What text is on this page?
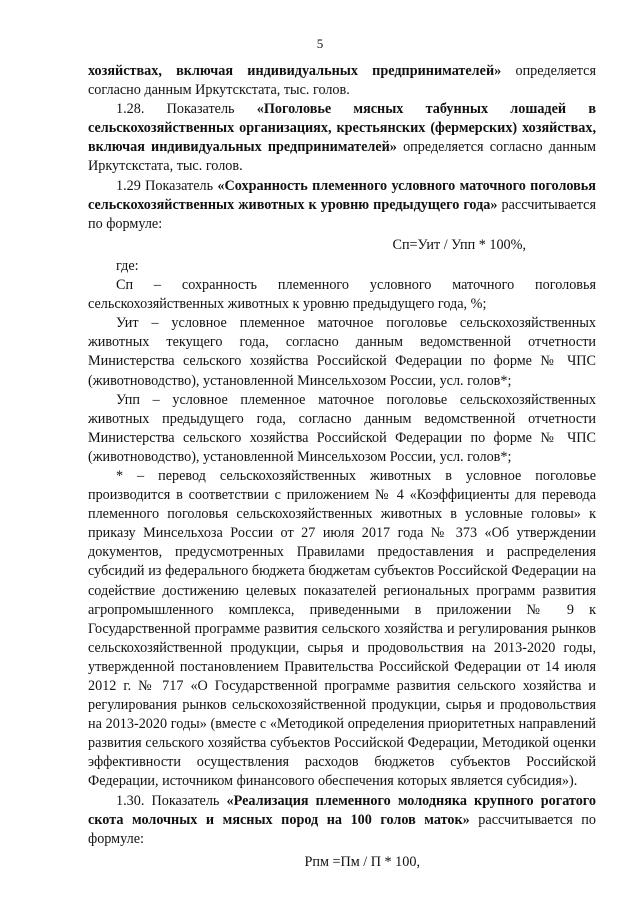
5

хозяйствах, включая индивидуальных предпринимателей» определяется согласно данным Иркутскстата, тыс. голов.

1.28. Показатель «Поголовье мясных табунных лошадей в сельскохозяйственных организациях, крестьянских (фермерских) хозяйствах, включая индивидуальных предпринимателей» определяется согласно данным Иркутскстата, тыс. голов.

1.29 Показатель «Сохранность племенного условного маточного поголовья сельскохозяйственных животных к уровню предыдущего года» рассчитывается по формуле:

Сп=Уит / Упп * 100%,

где:

Сп – сохранность племенного условного маточного поголовья сельскохозяйственных животных к уровню предыдущего года, %;

Уит – условное племенное маточное поголовье сельскохозяйственных животных текущего года, согласно данным ведомственной отчетности Министерства сельского хозяйства Российской Федерации по форме № ЧПС (животноводство), установленной Минсельхозом России, усл. голов*;

Упп – условное племенное маточное поголовье сельскохозяйственных животных предыдущего года, согласно данным ведомственной отчетности Министерства сельского хозяйства Российской Федерации по форме № ЧПС (животноводство), установленной Минсельхозом России, усл. голов*;

* – перевод сельскохозяйственных животных в условное поголовье производится в соответствии с приложением № 4 «Коэффициенты для перевода племенного поголовья сельскохозяйственных животных в условные головы» к приказу Минсельхоза России от 27 июля 2017 года № 373 «Об утверждении документов, предусмотренных Правилами предоставления и распределения субсидий из федерального бюджета бюджетам субъектов Российской Федерации на содействие достижению целевых показателей региональных программ развития агропромышленного комплекса, приведенными в приложении № 9 к Государственной программе развития сельского хозяйства и регулирования рынков сельскохозяйственной продукции, сырья и продовольствия на 2013-2020 годы, утвержденной постановлением Правительства Российской Федерации от 14 июля 2012 г. № 717 «О Государственной программе развития сельского хозяйства и регулирования рынков сельскохозяйственной продукции, сырья и продовольствия на 2013-2020 годы» (вместе с «Методикой определения приоритетных направлений развития сельского хозяйства субъектов Российской Федерации, Методикой оценки эффективности осуществления расходов бюджетов субъектов Российской Федерации, источником финансового обеспечения которых является субсидия»).

1.30. Показатель «Реализация племенного молодняка крупного рогатого скота молочных и мясных пород на 100 голов маток» рассчитывается по формуле:

Рпм =Пм / П * 100,
